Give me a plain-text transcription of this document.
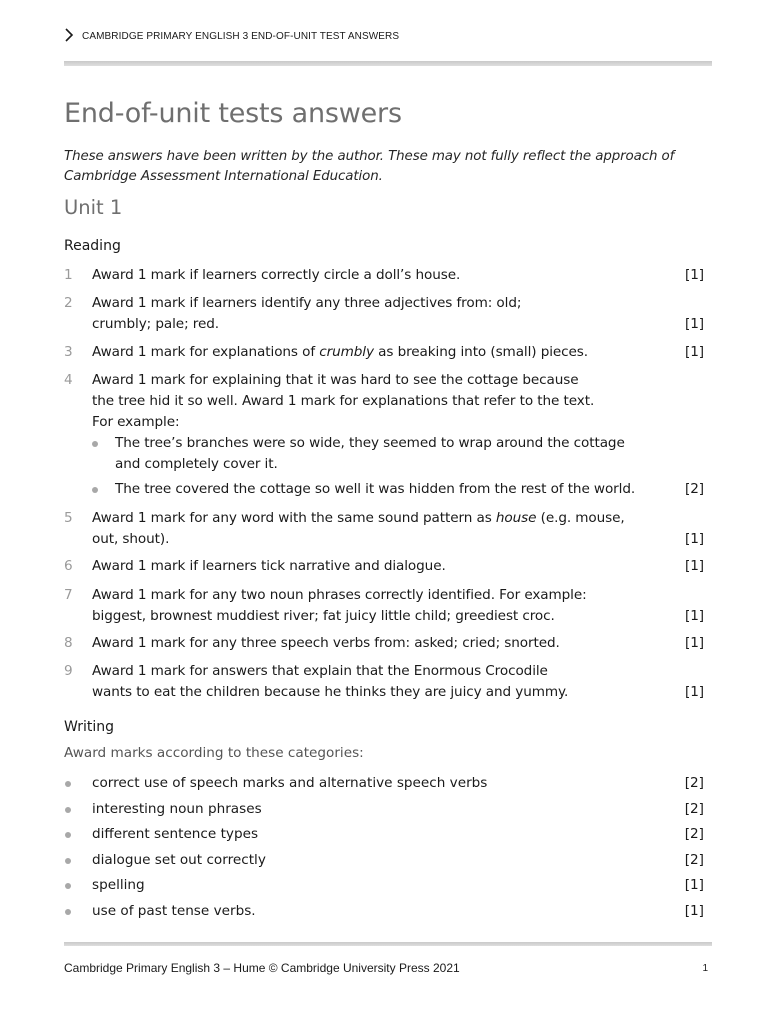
CAMBRIDGE PRIMARY ENGLISH 3 END-OF-UNIT TEST ANSWERS
End-of-unit tests answers
These answers have been written by the author. These may not fully reflect the approach of Cambridge Assessment International Education.
Unit 1
Reading
1 Award 1 mark if learners correctly circle a doll’s house.	[1]
2 Award 1 mark if learners identify any three adjectives from: old;
crumbly; pale; red.	[1]
3 Award 1 mark for explanations of crumbly as breaking into (small) pieces.	[1]
4 Award 1 mark for explaining that it was hard to see the cottage because
the tree hid it so well. Award 1 mark for explanations that refer to the text.
For example:
The tree’s branches were so wide, they seemed to wrap around the cottage
and completely cover it.
The tree covered the cottage so well it was hidden from the rest of the world.	[2]
5 Award 1 mark for any word with the same sound pattern as house (e.g. mouse,
out, shout).	[1]
6 Award 1 mark if learners tick narrative and dialogue.	[1]
7 Award 1 mark for any two noun phrases correctly identified. For example:
biggest, brownest muddiest river; fat juicy little child; greediest croc.	[1]
8 Award 1 mark for any three speech verbs from: asked; cried; snorted.	[1]
9 Award 1 mark for answers that explain that the Enormous Crocodile
wants to eat the children because he thinks they are juicy and yummy.	[1]
Writing
Award marks according to these categories:
correct use of speech marks and alternative speech verbs	[2]
interesting noun phrases	[2]
different sentence types	[2]
dialogue set out correctly	[2]
spelling	[1]
use of past tense verbs.	[1]
Cambridge Primary English 3 – Hume © Cambridge University Press 2021	1
